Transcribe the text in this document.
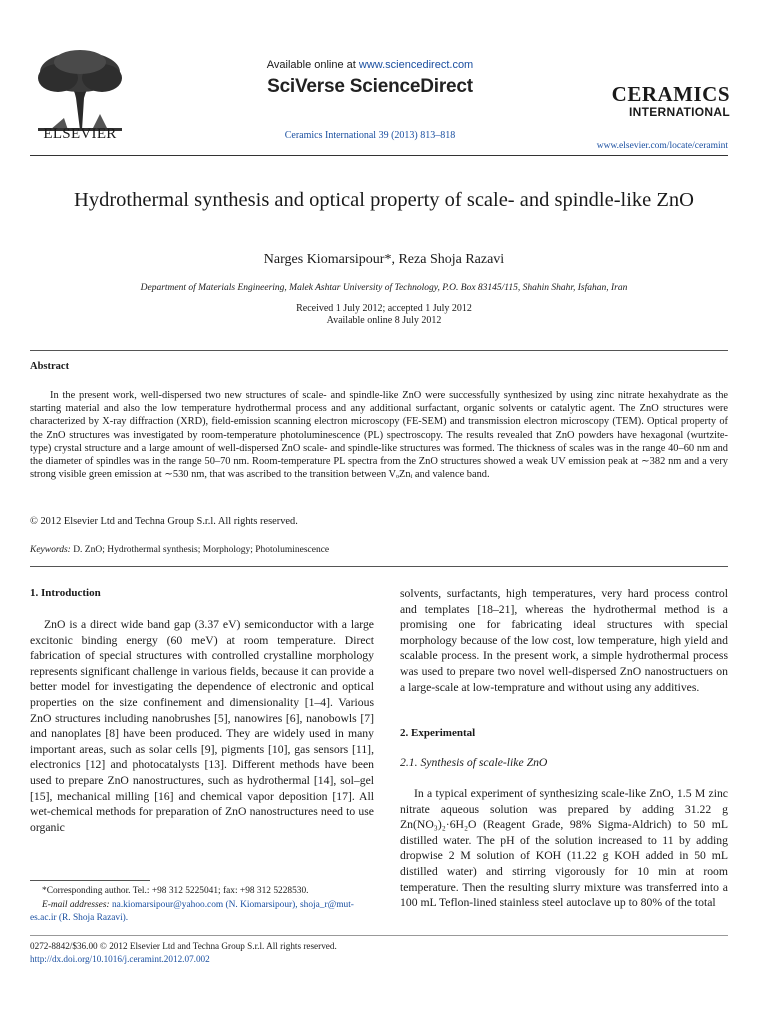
ELSEVIER
Available online at www.sciencedirect.com
SciVerse ScienceDirect
Ceramics International 39 (2013) 813–818
CERAMICS
INTERNATIONAL
www.elsevier.com/locate/ceramint
Hydrothermal synthesis and optical property of scale- and spindle-like ZnO
Narges Kiomarsipour*, Reza Shoja Razavi
Department of Materials Engineering, Malek Ashtar University of Technology, P.O. Box 83145/115, Shahin Shahr, Isfahan, Iran
Received 1 July 2012; accepted 1 July 2012
Available online 8 July 2012
Abstract
In the present work, well-dispersed two new structures of scale- and spindle-like ZnO were successfully synthesized by using zinc nitrate hexahydrate as the starting material and also the low temperature hydrothermal process and any additional surfactant, organic solvents or catalytic agent. The ZnO structures were characterized by X-ray diffraction (XRD), field-emission scanning electron microscopy (FE-SEM) and transmission electron microscopy (TEM). Optical property of the ZnO structures was investigated by room-temperature photoluminescence (PL) spectroscopy. The results revealed that ZnO powders have hexagonal (wurtzite-type) crystal structure and a large amount of well-dispersed ZnO scale- and spindle-like structures was formed. The thickness of scales was in the range 40–60 nm and the diameter of spindles was in the range 50–70 nm. Room-temperature PL spectra from the ZnO structures showed a weak UV emission peak at ∼382 nm and a very strong visible green emission at ∼530 nm, that was ascribed to the transition between VₒZnᵢ and valence band.
© 2012 Elsevier Ltd and Techna Group S.r.l. All rights reserved.
Keywords: D. ZnO; Hydrothermal synthesis; Morphology; Photoluminescence
1. Introduction

ZnO is a direct wide band gap (3.37 eV) semiconductor with a large excitonic binding energy (60 meV) at room temperature. Direct fabrication of special structures with controlled crystalline morphology represents significant challenge in various fields, because it can provide a better model for investigating the dependence of electronic and optical properties on the size confinement and dimensionality [1–4]. Various ZnO structures including nanobrushes [5], nanowires [6], nanobowls [7] and nanoplates [8] have been produced. They are widely used in many important areas, such as solar cells [9], pigments [10], gas sensors [11], electronics [12] and photocatalysts [13]. Different methods have been used to prepare ZnO nanostructures, such as hydrothermal [14], sol–gel [15], mechanical milling [16] and chemical vapor deposition [17]. All wet-chemical methods for preparation of ZnO nanostructures need to use organic

*Corresponding author. Tel.: +98 312 5225041; fax: +98 312 5228530.
E-mail addresses: na.kiomarsipour@yahoo.com (N. Kiomarsipour), shoja_r@mut-es.ac.ir (R. Shoja Razavi).

solvents, surfactants, high temperatures, very hard process control and templates [18–21], whereas the hydrothermal method is a promising one for fabricating ideal structures with special morphology because of the low cost, low temperature, high yield and scalable process. In the present work, a simple hydrothermal process was used to prepare two novel well-dispersed ZnO nanostructuers on a large-scale at low-temprature and without using any additives.

2. Experimental
2.1. Synthesis of scale-like ZnO

In a typical experiment of synthesizing scale-like ZnO, 1.5 M zinc nitrate aqueous solution was prepared by adding 31.22 g Zn(NO₃)₂·6H₂O (Reagent Grade, 98% Sigma-Aldrich) to 50 mL distilled water. The pH of the solution increased to 11 by adding dropwise 2 M solution of KOH (11.22 g KOH added in 50 mL distilled water) and stirring vigorously for 10 min at room temperature. Then the resulting slurry mixture was transferred into a 100 mL Teflon-lined stainless steel autoclave up to 80% of the total

0272-8842/$36.00 © 2012 Elsevier Ltd and Techna Group S.r.l. All rights reserved.
http://dx.doi.org/10.1016/j.ceramint.2012.07.002
